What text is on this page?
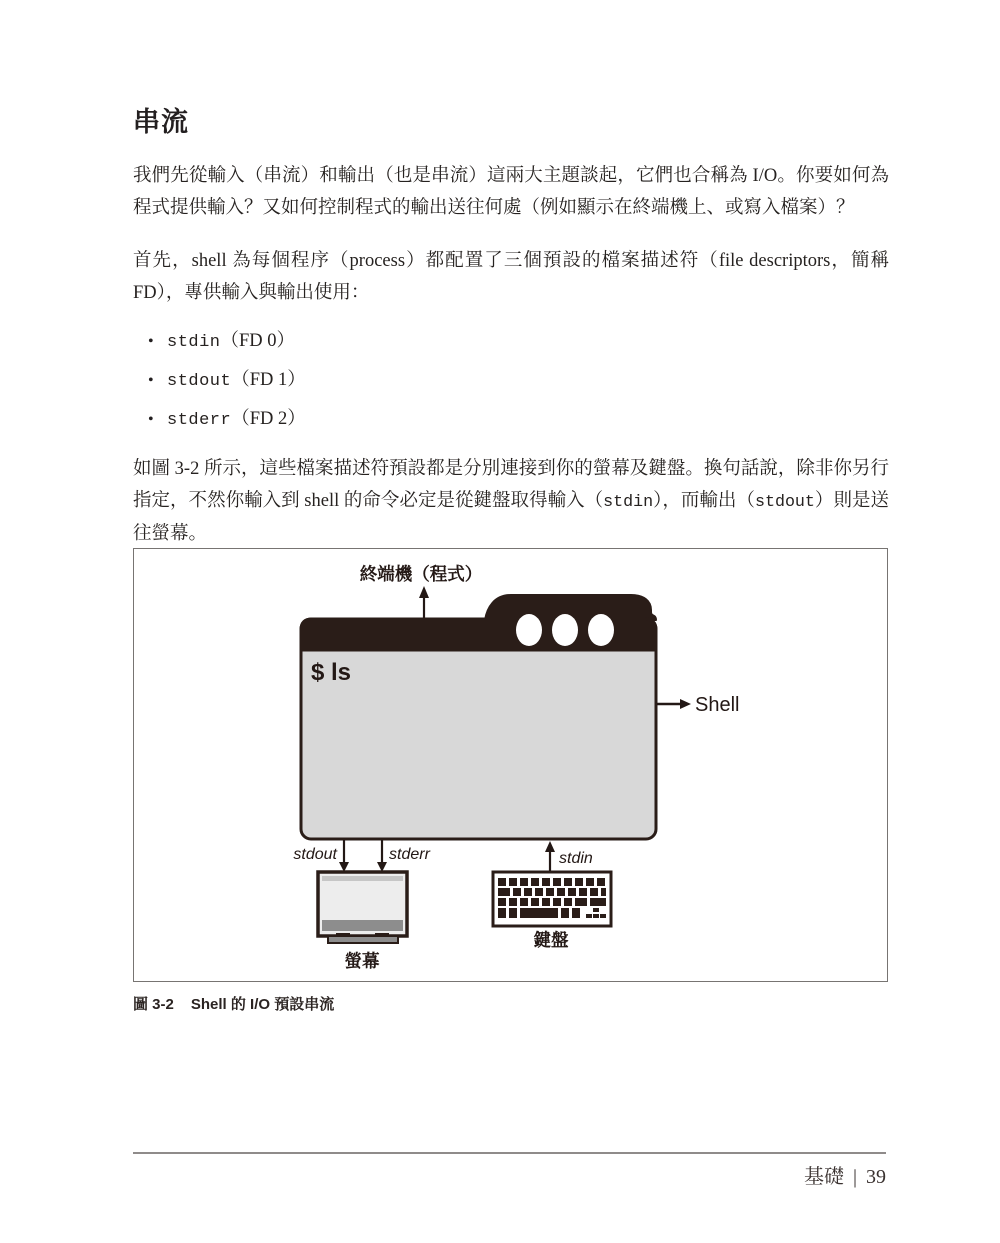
串流

我們先從輸入（串流）和輸出（也是串流）這兩大主題談起，它們也合稱為 I/O。你要如何為程式提供輸入？又如何控制程式的輸出送往何處（例如顯示在終端機上、或寫入檔案）？

首先，shell 為每個程序（process）都配置了三個預設的檔案描述符（file descriptors，簡稱 FD），專供輸入與輸出使用：

• stdin（FD 0）
• stdout（FD 1）
• stderr（FD 2）

如圖 3-2 所示，這些檔案描述符預設都是分別連接到你的螢幕及鍵盤。換句話說，除非你另行指定，不然你輸入到 shell 的命令必定是從鍵盤取得輸入（stdin），而輸出（stdout）則是送往螢幕。

終端機（程式）
$ ls
Shell
stdout	stderr	stdin
螢幕
鍵盤
圖 3-2 Shell 的 I/O 預設串流
基礎 | 39
